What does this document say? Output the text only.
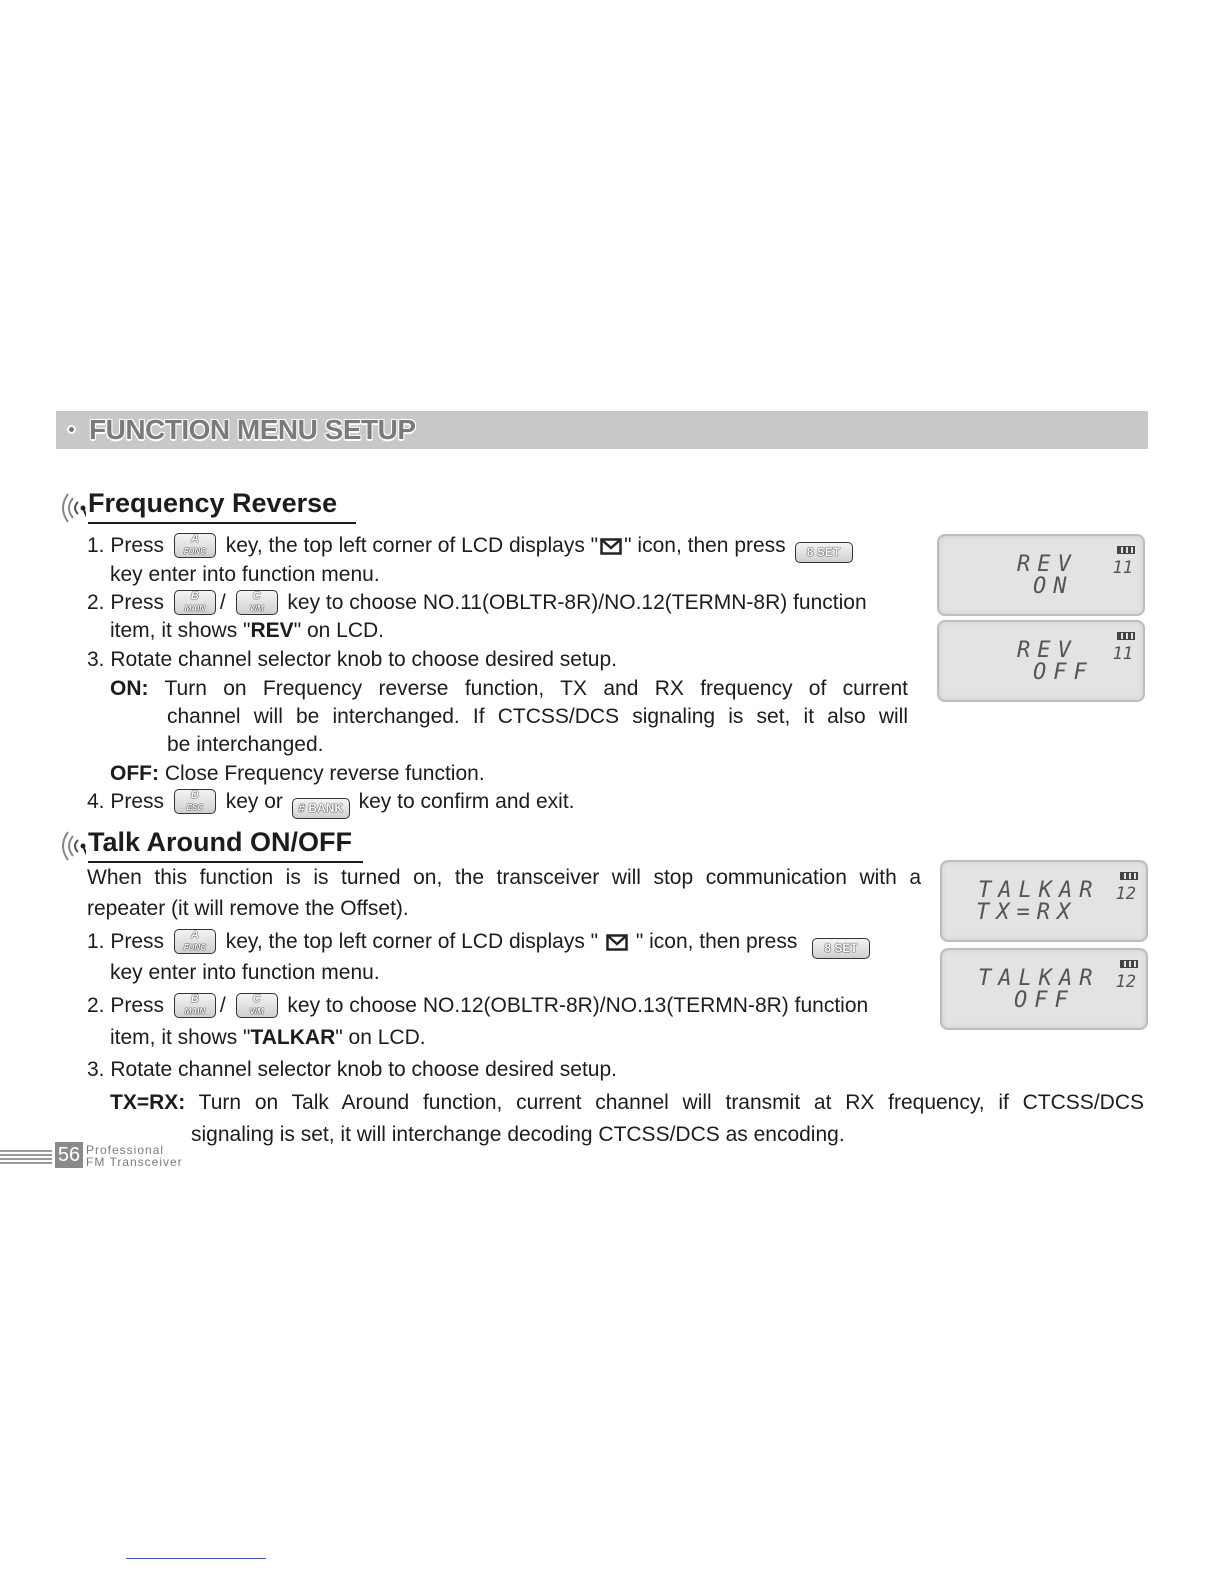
FUNCTION MENU SETUP
Frequency Reverse
1. Press	A
FUNC key, the top left corner of LCD displays " " icon, then press 8 SET
key enter into function menu.
2. Press	B
MAIN /	C
V/M	key to choose NO.11(OBLTR-8R)/NO.12(TERMN-8R) function
item, it shows "REV" on LCD.
3. Rotate channel selector knob to choose desired setup.
ON: Turn on Frequency reverse function, TX and RX frequency of current
channel will be interchanged. If CTCSS/DCS signaling is set, it also will
be interchanged.
OFF: Close Frequency reverse function.
4. Press	D
ESC	key or # BANK key to confirm and exit.
Talk Around ON/OFF
When this function is is turned on, the transceiver will stop communication with a
repeater (it will remove the Offset).
1. Press	A
FUNC key, the top left corner of LCD displays " " icon, then press 8 SET
key enter into function menu.
2. Press	B
MAIN /	C
V/M	key to choose NO.12(OBLTR-8R)/NO.13(TERMN-8R) function
item, it shows "TALKAR" on LCD.
3. Rotate channel selector knob to choose desired setup.
TX=RX: Turn on Talk Around function, current channel will transmit at RX frequency, if CTCSS/DCS
signaling is set, it will interchange decoding CTCSS/DCS as encoding.
REV
ON
11
REV
OFF
11
TALKAR
TX=RX
12
TALKAR
OFF
12
56 Professional
FM Transceiver
